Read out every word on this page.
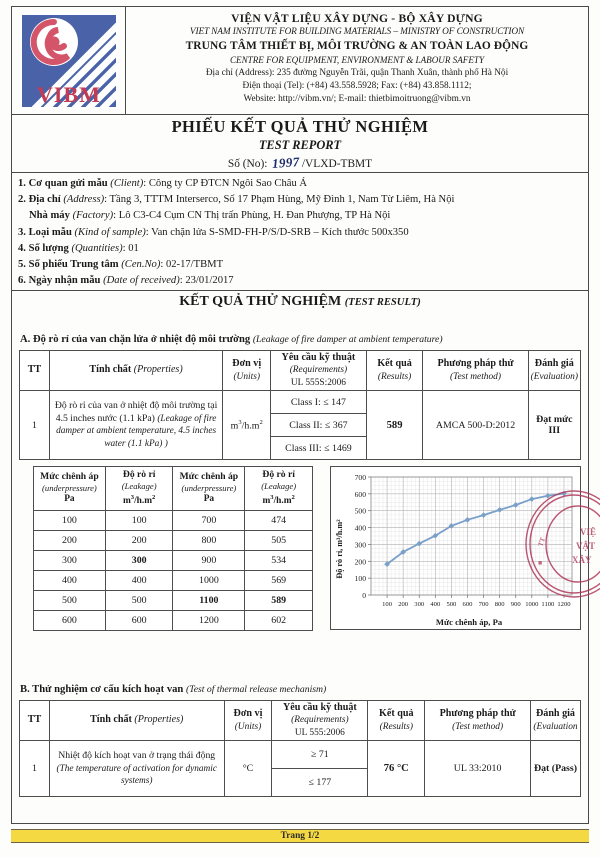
VIBM
VIỆN VẬT LIỆU XÂY DỰNG - BỘ XÂY DỰNG
VIET NAM INSTITUTE FOR BUILDING MATERIALS – MINISTRY OF CONSTRUCTION
TRUNG TÂM THIẾT BỊ, MÔI TRƯỜNG & AN TOÀN LAO ĐỘNG
CENTRE FOR EQUIPMENT, ENVIRONMENT & LABOUR SAFETY
Địa chỉ (Address): 235 đường Nguyễn Trãi, quận Thanh Xuân, thành phố Hà Nội
Điện thoại (Tel): (+84) 43.558.5928; Fax: (+84) 43.858.1112;
Website: http://vibm.vn/; E-mail: thietbimoitruong@vibm.vn
PHIẾU KẾT QUẢ THỬ NGHIỆM
TEST REPORT
Số (No): 1997 /VLXD-TBMT
1. Cơ quan gửi mẫu (Client): Công ty CP ĐTCN Ngôi Sao Châu Á
2. Địa chỉ (Address): Tầng 3, TTTM Interserco, Số 17 Phạm Hùng, Mỹ Đình 1, Nam Từ Liêm, Hà Nội
Nhà máy (Factory): Lô C3-C4 Cụm CN Thị trấn Phùng, H. Đan Phượng, TP Hà Nội
3. Loại mẫu (Kind of sample): Van chặn lửa S-SMD-FH-P/S/D-SRB – Kích thước 500x350
4. Số lượng (Quantities): 01
5. Số phiếu Trung tâm (Cen.No): 02-17/TBMT
6. Ngày nhận mẫu (Date of received): 23/01/2017
KẾT QUẢ THỬ NGHIỆM (TEST RESULT)
A. Độ rò rỉ của van chặn lửa ở nhiệt độ môi trường (Leakage of fire damper at ambient temperature)
TT	Tính chất (Properties)	Đơn vị
(Units)	Yêu cầu kỹ thuật
(Requirements)
UL 555S:2006	Kết quả
(Results)	Phương pháp thử
(Test method)	Đánh giá
(Evaluation)

1	Độ rò rỉ của van ở nhiệt độ môi trường tại 4.5 inches nước (1.1 kPa) (Leakage of fire damper at ambient temperature, 4.5 inches water (1.1 kPa) )	$m^3/h.m^2$	Class I: ≤ 147	589	AMCA 500-D:2012	Đạt mức III
			Class II: ≤ 367			
			Class III: ≤ 1469			
Mức chênh áp
(underpressure)
Pa	Độ rò rỉ
(Leakage)
$m^3/h.m^2$	Mức chênh áp
(underpressure)
Pa	Độ rò rỉ
(Leakage)
$m^3/h.m^2$

100	100	700	474
200	200	800	505
300	300	900	534
400	400	1000	569
500	500	1100	589
600	600	1200	602
0
100
200
300
400
500
600
700
100 200 300 400 500 600 700 800 900 1000 1100 1200
Độ rò rỉ, m³/h.m²
Mức chênh áp, Pa
VIỆ
VẬT
XÂY
TT
■
B. Thử nghiệm cơ cấu kích hoạt van (Test of thermal release mechanism)
TT	Tính chất (Properties)	Đơn vị
(Units)	Yêu cầu kỹ thuật
(Requirements)
UL 555:2006	Kết quả
(Results)	Phương pháp thử
(Test method)	Đánh giá
(Evaluation

1	Nhiệt độ kích hoạt van ở trạng thái động (The temperature of activation for dynamic systems)	°C	≥ 71	76 °C	UL 33:2010	Đạt (Pass)
			≤ 177			
Trang 1/2
